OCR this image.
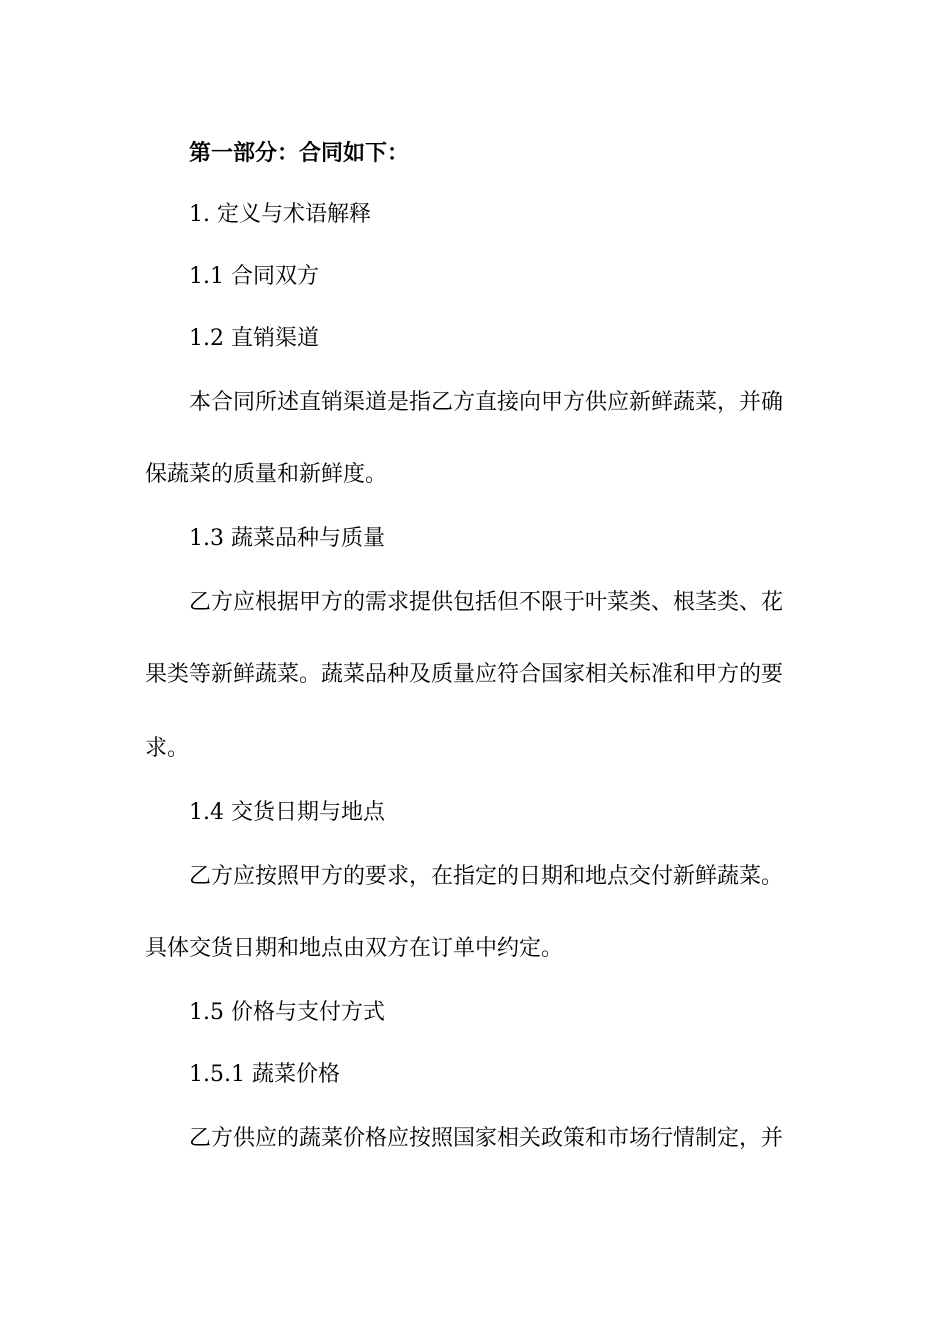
第一部分：合同如下：
1. 定义与术语解释
1.1 合同双方
1.2 直销渠道
本合同所述直销渠道是指乙方直接向甲方供应新鲜蔬菜，并确
保蔬菜的质量和新鲜度。
1.3 蔬菜品种与质量
乙方应根据甲方的需求提供包括但不限于叶菜类、根茎类、花
果类等新鲜蔬菜。蔬菜品种及质量应符合国家相关标准和甲方的要
求。
1.4 交货日期与地点
乙方应按照甲方的要求，在指定的日期和地点交付新鲜蔬菜。
具体交货日期和地点由双方在订单中约定。
1.5 价格与支付方式
1.5.1 蔬菜价格
乙方供应的蔬菜价格应按照国家相关政策和市场行情制定，并
